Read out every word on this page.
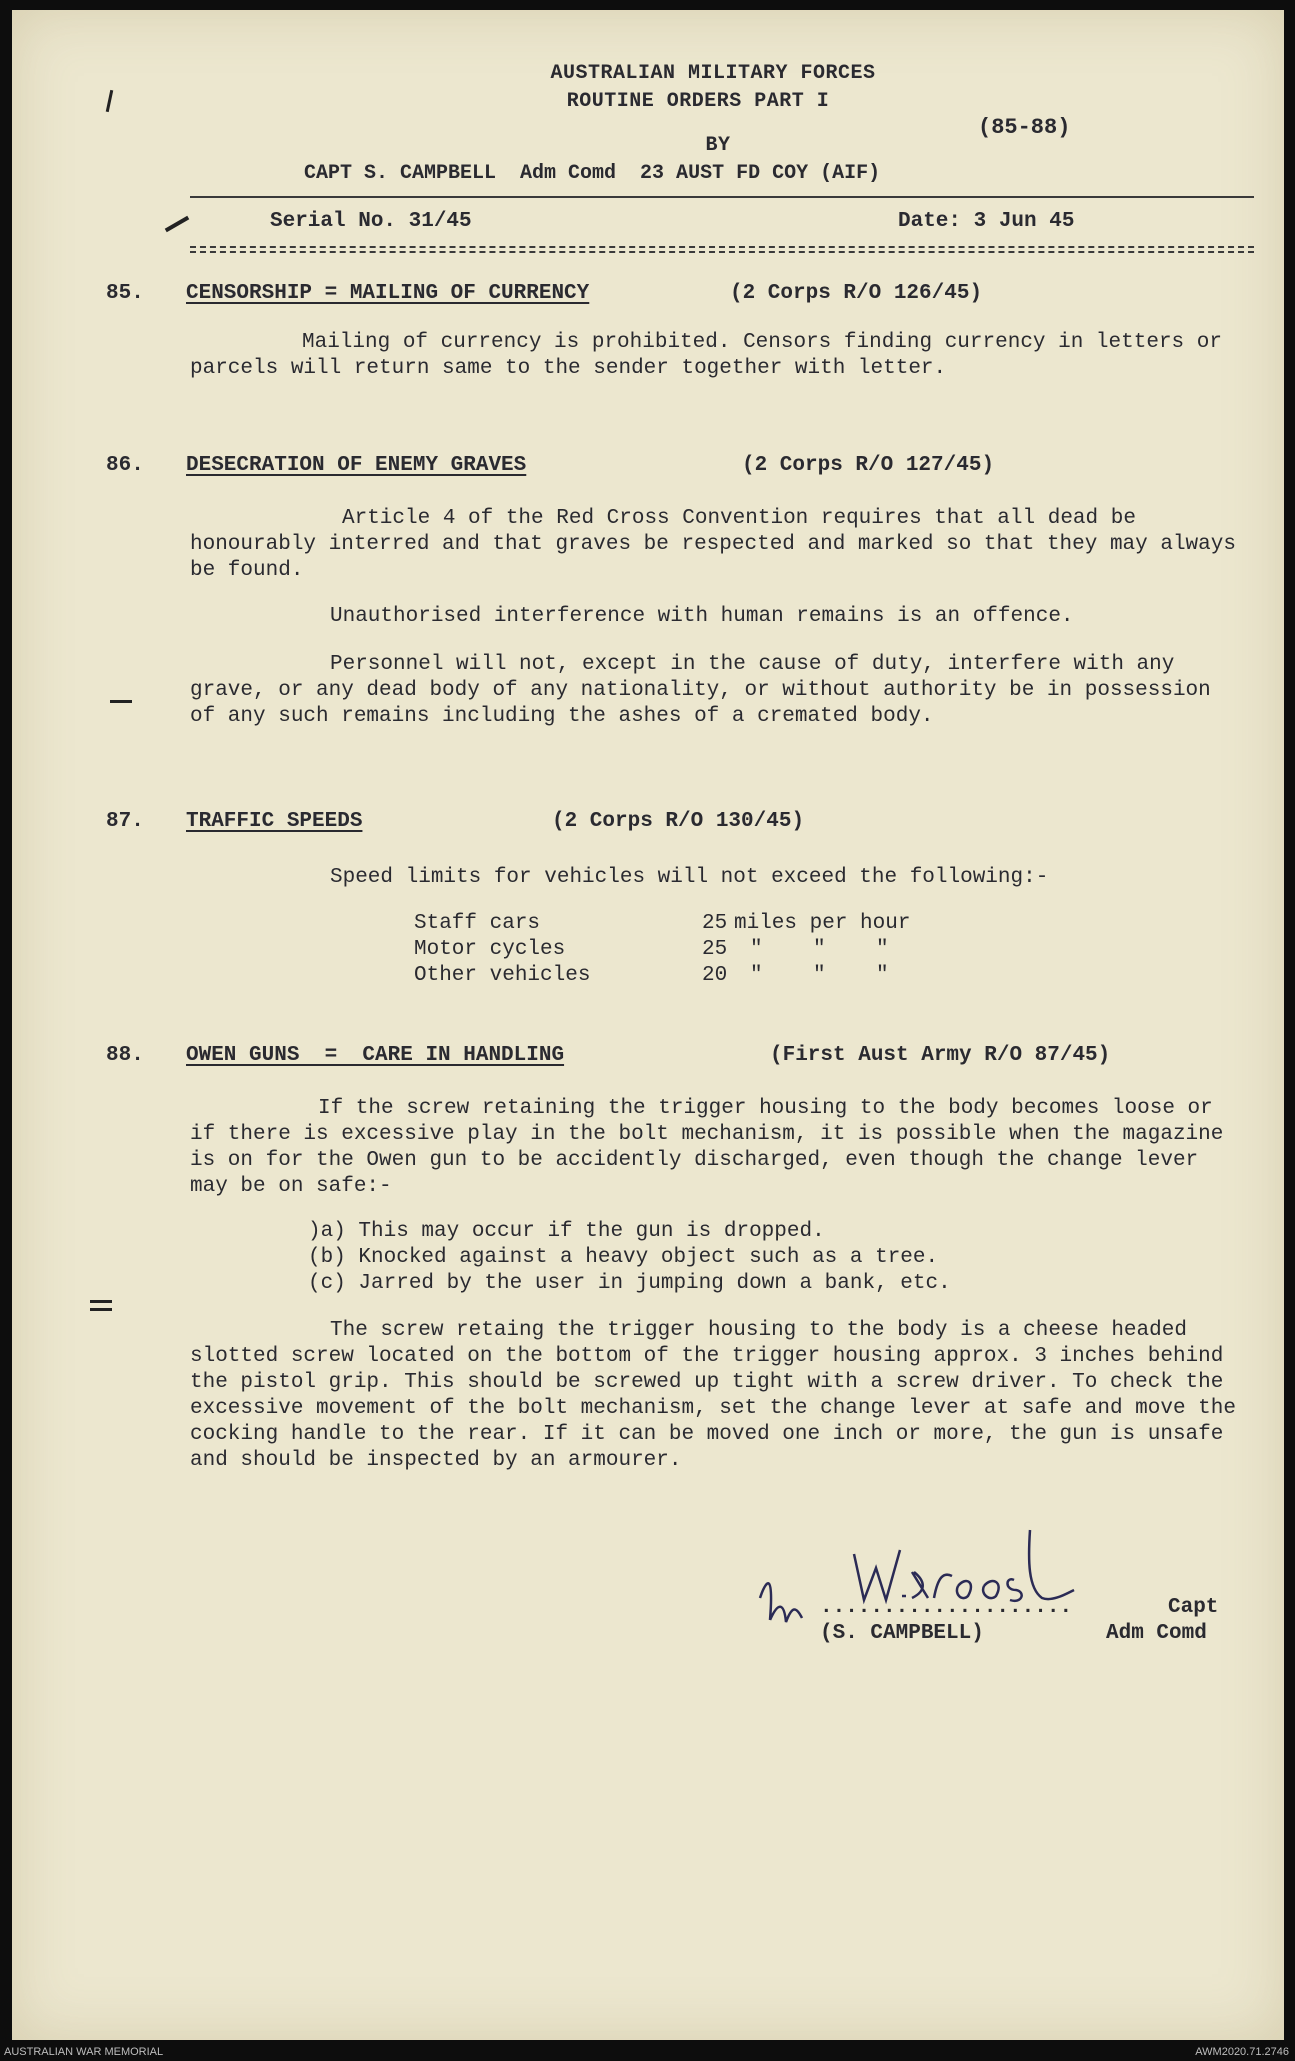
AUSTRALIAN MILITARY FORCES
ROUTINE ORDERS PART I
(85-88)
BY
CAPT S. CAMPBELL  Adm Comd  23 AUST FD COY (AIF)
Serial No. 31/45	Date: 3 Jun 45
85. CENSORSHIP = MAILING OF CURRENCY	(2 Corps R/O 126/45)
Mailing of currency is prohibited. Censors finding currency in letters or parcels will return same to the sender together with letter.
86. DESECRATION OF ENEMY GRAVES	(2 Corps R/O 127/45)
Article 4 of the Red Cross Convention requires that all dead be honourably interred and that graves be respected and marked so that they may always be found.
Unauthorised interference with human remains is an offence.
Personnel will not, except in the cause of duty, interfere with any grave, or any dead body of any nationality, or without authority be in possession of any such remains including the ashes of a cremated body.
87. TRAFFIC SPEEDS	(2 Corps R/O 130/45)
Speed limits for vehicles will not exceed the following:-
Staff cars	25 miles per hour
Motor cycles	25 "    "    "
Other vehicles	20 "    "    "
88. OWEN GUNS  =  CARE IN HANDLING	(First Aust Army R/O 87/45)
If the screw retaining the trigger housing to the body becomes loose or if there is excessive play in the bolt mechanism, it is possible when the magazine is on for the Owen gun to be accidently discharged, even though the change lever may be on safe:-
)a) This may occur if the gun is dropped.
(b) Knocked against a heavy object such as a tree.
(c) Jarred by the user in jumping down a bank, etc.
The screw retaing the trigger housing to the body is a cheese headed slotted screw located on the bottom of the trigger housing approx. 3 inches behind the pistol grip. This should be screwed up tight with a screw driver. To check the excessive movement of the bolt mechanism, set the change lever at safe and move the cocking handle to the rear. If it can be moved one inch or more, the gun is unsafe and should be inspected by an armourer.
....................	Capt
(S. CAMPBELL)	Adm Comd
AUSTRALIAN WAR MEMORIAL	AWM2020.71.2746
